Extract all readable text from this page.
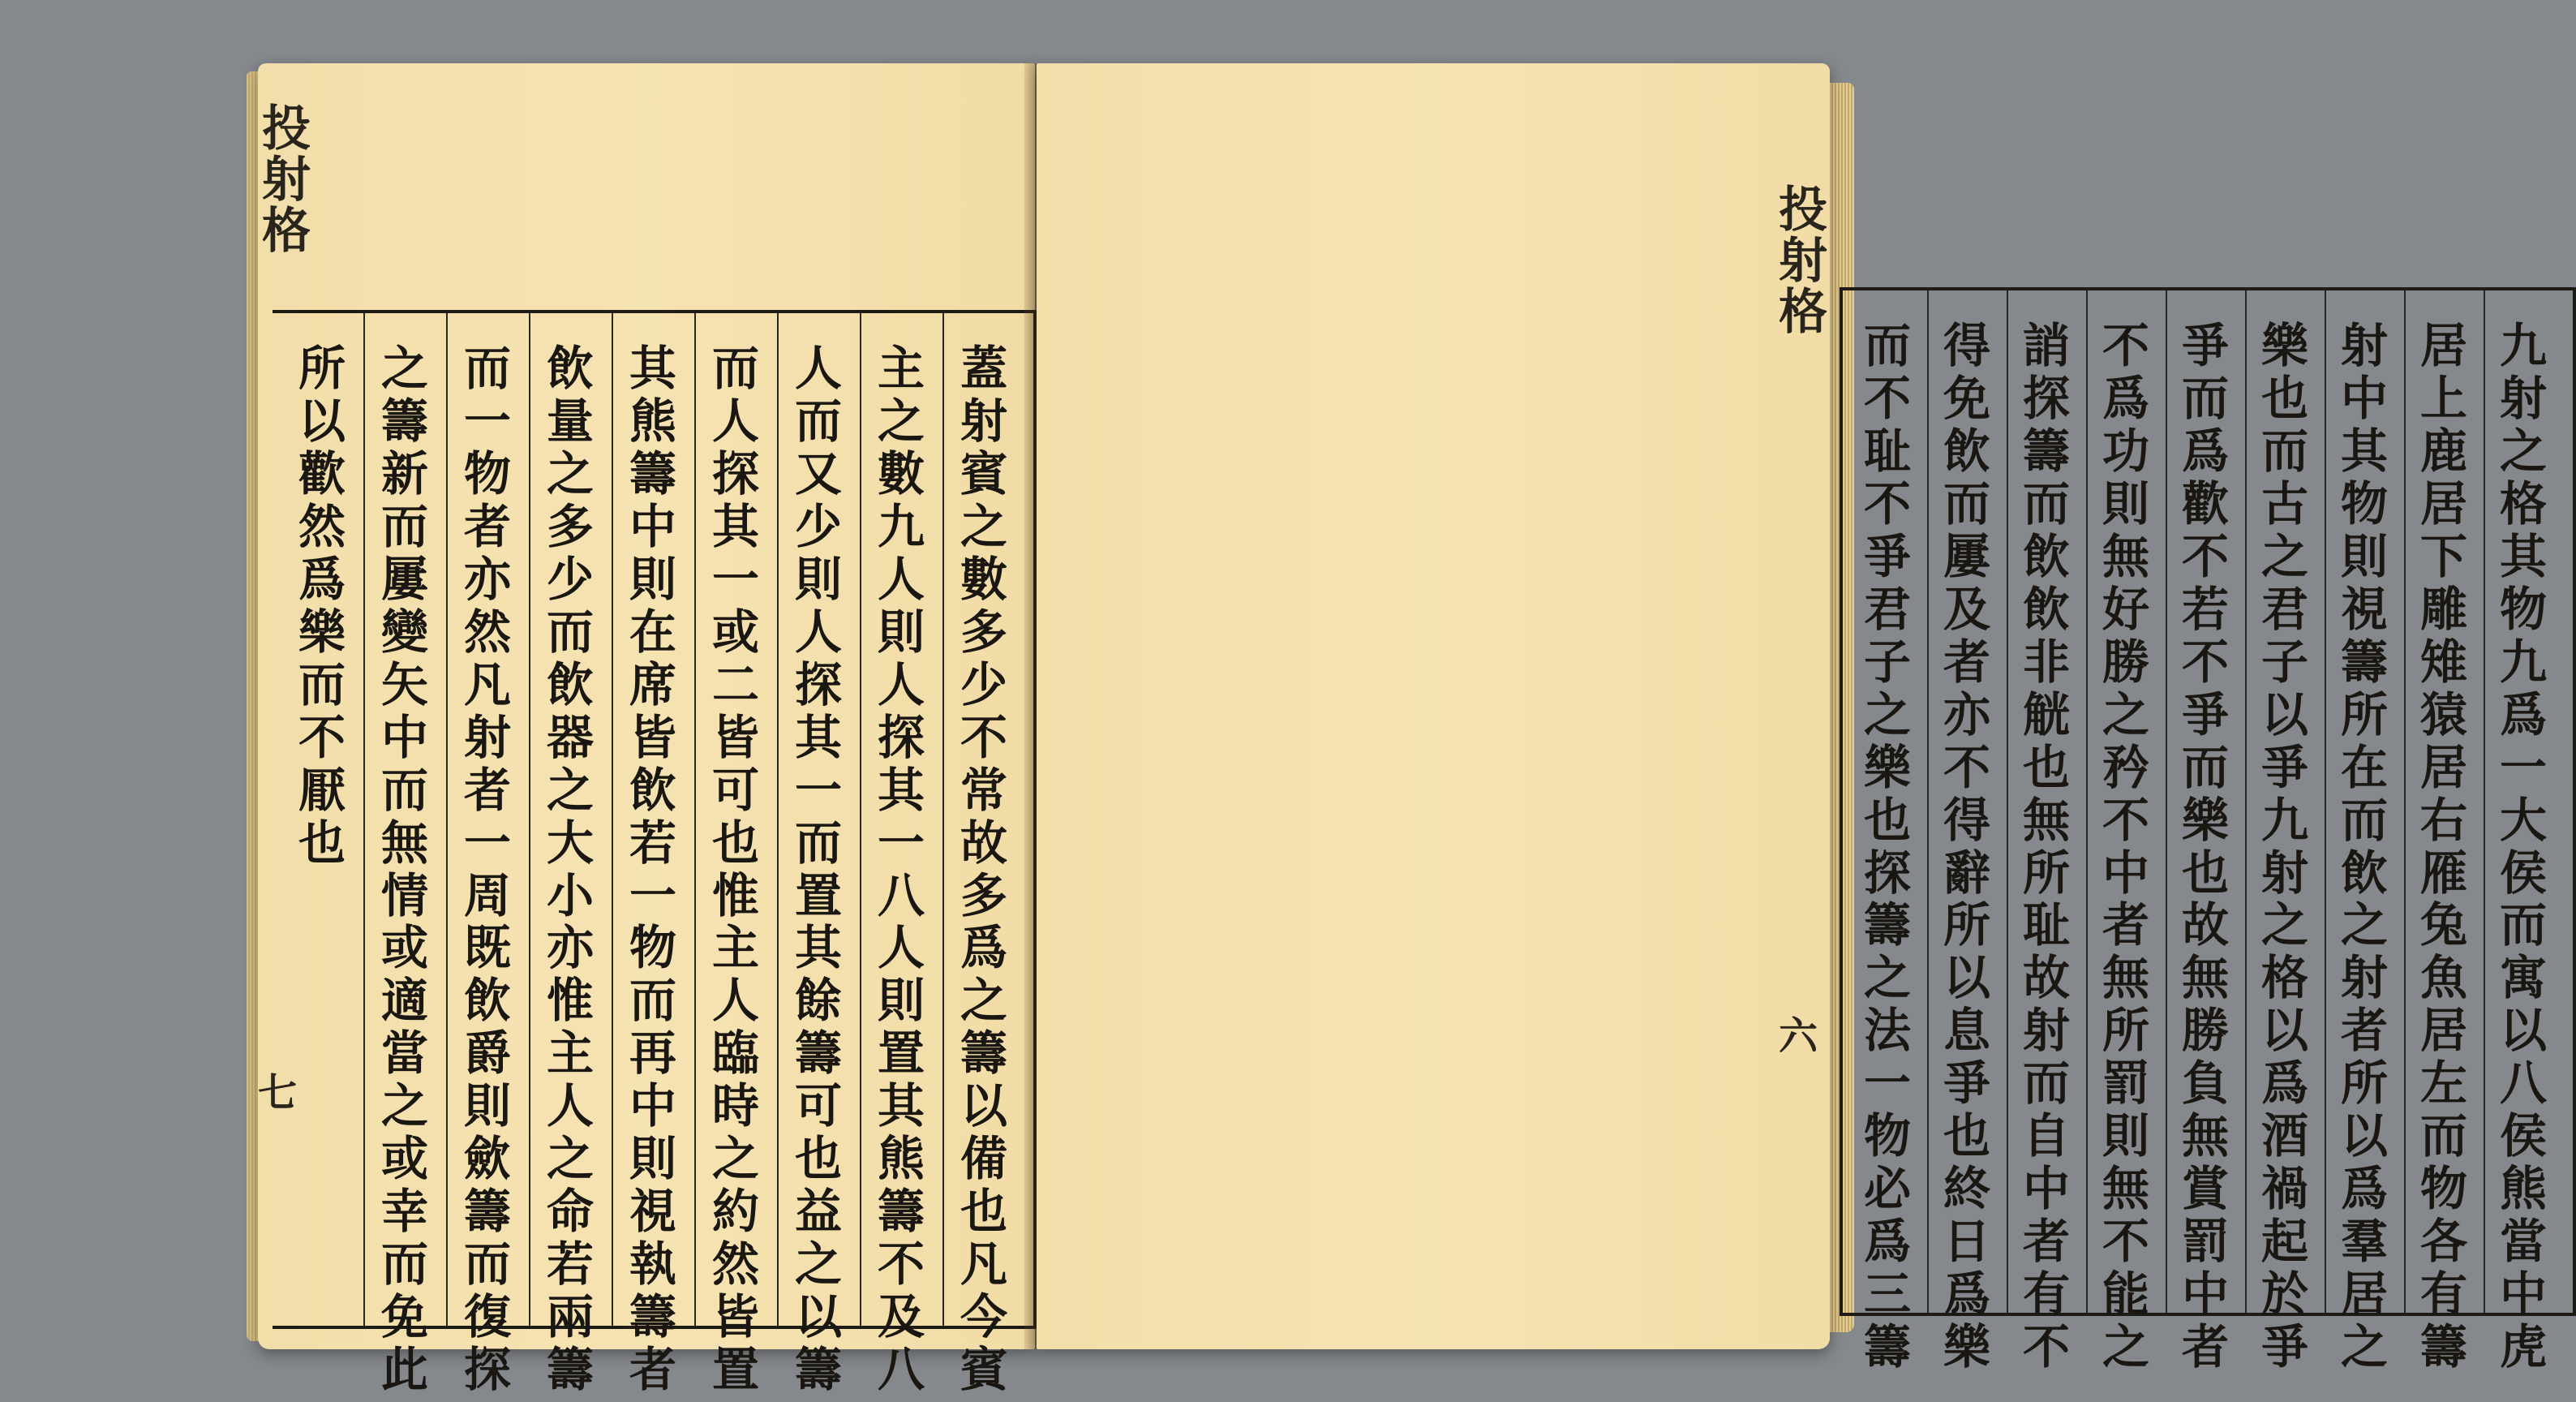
投
射
格
七
蓋
射
賓
之
數
多
少
不
常
故
多
爲
之
籌
以
備
也
凡
今
賓
主
之
數
九
人
則
人
探
其
一
八
人
則
置
其
熊
籌
不
及
八
人
而
又
少
則
人
探
其
一
而
置
其
餘
籌
可
也
益
之
以
籌
而
人
探
其
一
或
二
皆
可
也
惟
主
人
臨
時
之
約
然
皆
置
其
熊
籌
中
則
在
席
皆
飲
若
一
物
而
再
中
則
視
執
籌
者
飲
量
之
多
少
而
飲
器
之
大
小
亦
惟
主
人
之
命
若
兩
籌
而
一
物
者
亦
然
凡
射
者
一
周
既
飲
爵
則
歛
籌
而
復
探
之
籌
新
而
屢
變
矢
中
而
無
情
或
適
當
之
或
幸
而
免
此
所
以
歡
然
爲
樂
而
不
厭
也
投
射
格
六
九
射
之
格
其
物
九
爲
一
大
侯
而
寓
以
八
侯
熊
當
中
虎
居
上
鹿
居
下
雕
雉
猿
居
右
雁
兔
魚
居
左
而
物
各
有
籌
射
中
其
物
則
視
籌
所
在
而
飲
之
射
者
所
以
爲
羣
居
之
樂
也
而
古
之
君
子
以
爭
九
射
之
格
以
爲
酒
禍
起
於
爭
爭
而
爲
歡
不
若
不
爭
而
樂
也
故
無
勝
負
無
賞
罰
中
者
不
爲
功
則
無
好
勝
之
矜
不
中
者
無
所
罰
則
無
不
能
之
誚
探
籌
而
飲
飲
非
觥
也
無
所
耻
故
射
而
自
中
者
有
不
得
免
飲
而
屢
及
者
亦
不
得
辭
所
以
息
爭
也
終
日
爲
樂
而
不
耻
不
爭
君
子
之
樂
也
探
籌
之
法
一
物
必
爲
三
籌
